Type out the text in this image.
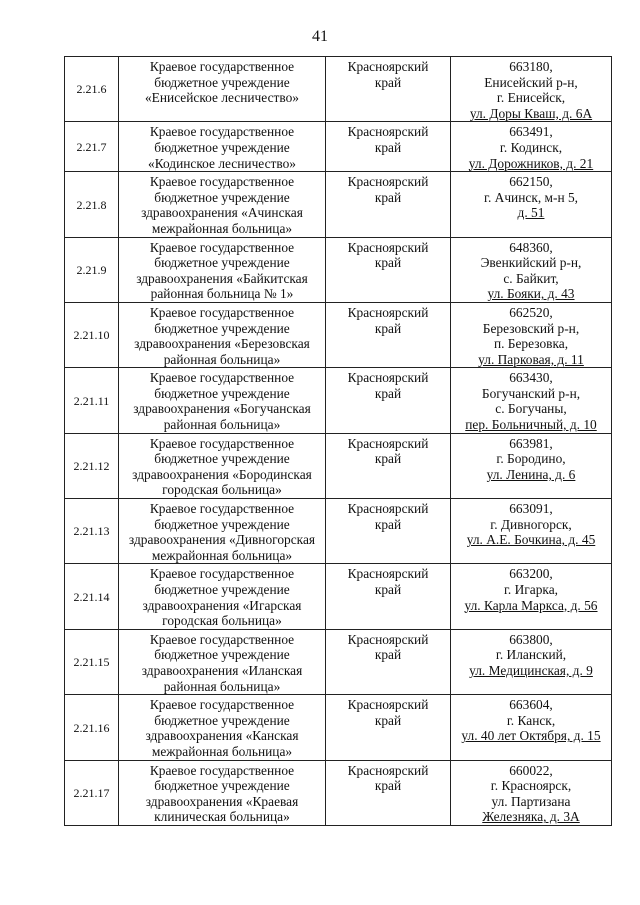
41
2.21.6	Краевое государственное
бюджетное учреждение
«Енисейское лесничество»	Красноярский
край	663180,
Енисейский р-н,
г. Енисейск,
ул. Доры Кваш, д. 6А

2.21.7	Краевое государственное
бюджетное учреждение
«Кодинское лесничество»	Красноярский
край	663491,
г. Кодинск,
ул. Дорожников, д. 21

2.21.8	Краевое государственное
бюджетное учреждение
здравоохранения «Ачинская
межрайонная больница»	Красноярский
край	662150,
г. Ачинск, м-н 5,
д. 51

2.21.9	Краевое государственное
бюджетное учреждение
здравоохранения «Байкитская
районная больница № 1»	Красноярский
край	648360,
Эвенкийский р-н,
с. Байкит,
ул. Бояки, д. 43

2.21.10	Краевое государственное
бюджетное учреждение
здравоохранения «Березовская
районная больница»	Красноярский
край	662520,
Березовский р-н,
п. Березовка,
ул. Парковая, д. 11

2.21.11	Краевое государственное
бюджетное учреждение
здравоохранения «Богучанская
районная больница»	Красноярский
край	663430,
Богучанский р-н,
с. Богучаны,
пер. Больничный, д. 10

2.21.12	Краевое государственное
бюджетное учреждение
здравоохранения «Бородинская
городская больница»	Красноярский
край	663981,
г. Бородино,
ул. Ленина, д. 6

2.21.13	Краевое государственное
бюджетное учреждение
здравоохранения «Дивногорская
межрайонная больница»	Красноярский
край	663091,
г. Дивногорск,
ул. А.Е. Бочкина, д. 45

2.21.14	Краевое государственное
бюджетное учреждение
здравоохранения «Игарская
городская больница»	Красноярский
край	663200,
г. Игарка,
ул. Карла Маркса, д. 56

2.21.15	Краевое государственное
бюджетное учреждение
здравоохранения «Иланская
районная больница»	Красноярский
край	663800,
г. Иланский,
ул. Медицинская, д. 9

2.21.16	Краевое государственное
бюджетное учреждение
здравоохранения «Канская
межрайонная больница»	Красноярский
край	663604,
г. Канск,
ул. 40 лет Октября, д. 15

2.21.17	Краевое государственное
бюджетное учреждение
здравоохранения «Краевая
клиническая больница»	Красноярский
край	660022,
г. Красноярск,
ул. Партизана
Железняка, д. 3А
